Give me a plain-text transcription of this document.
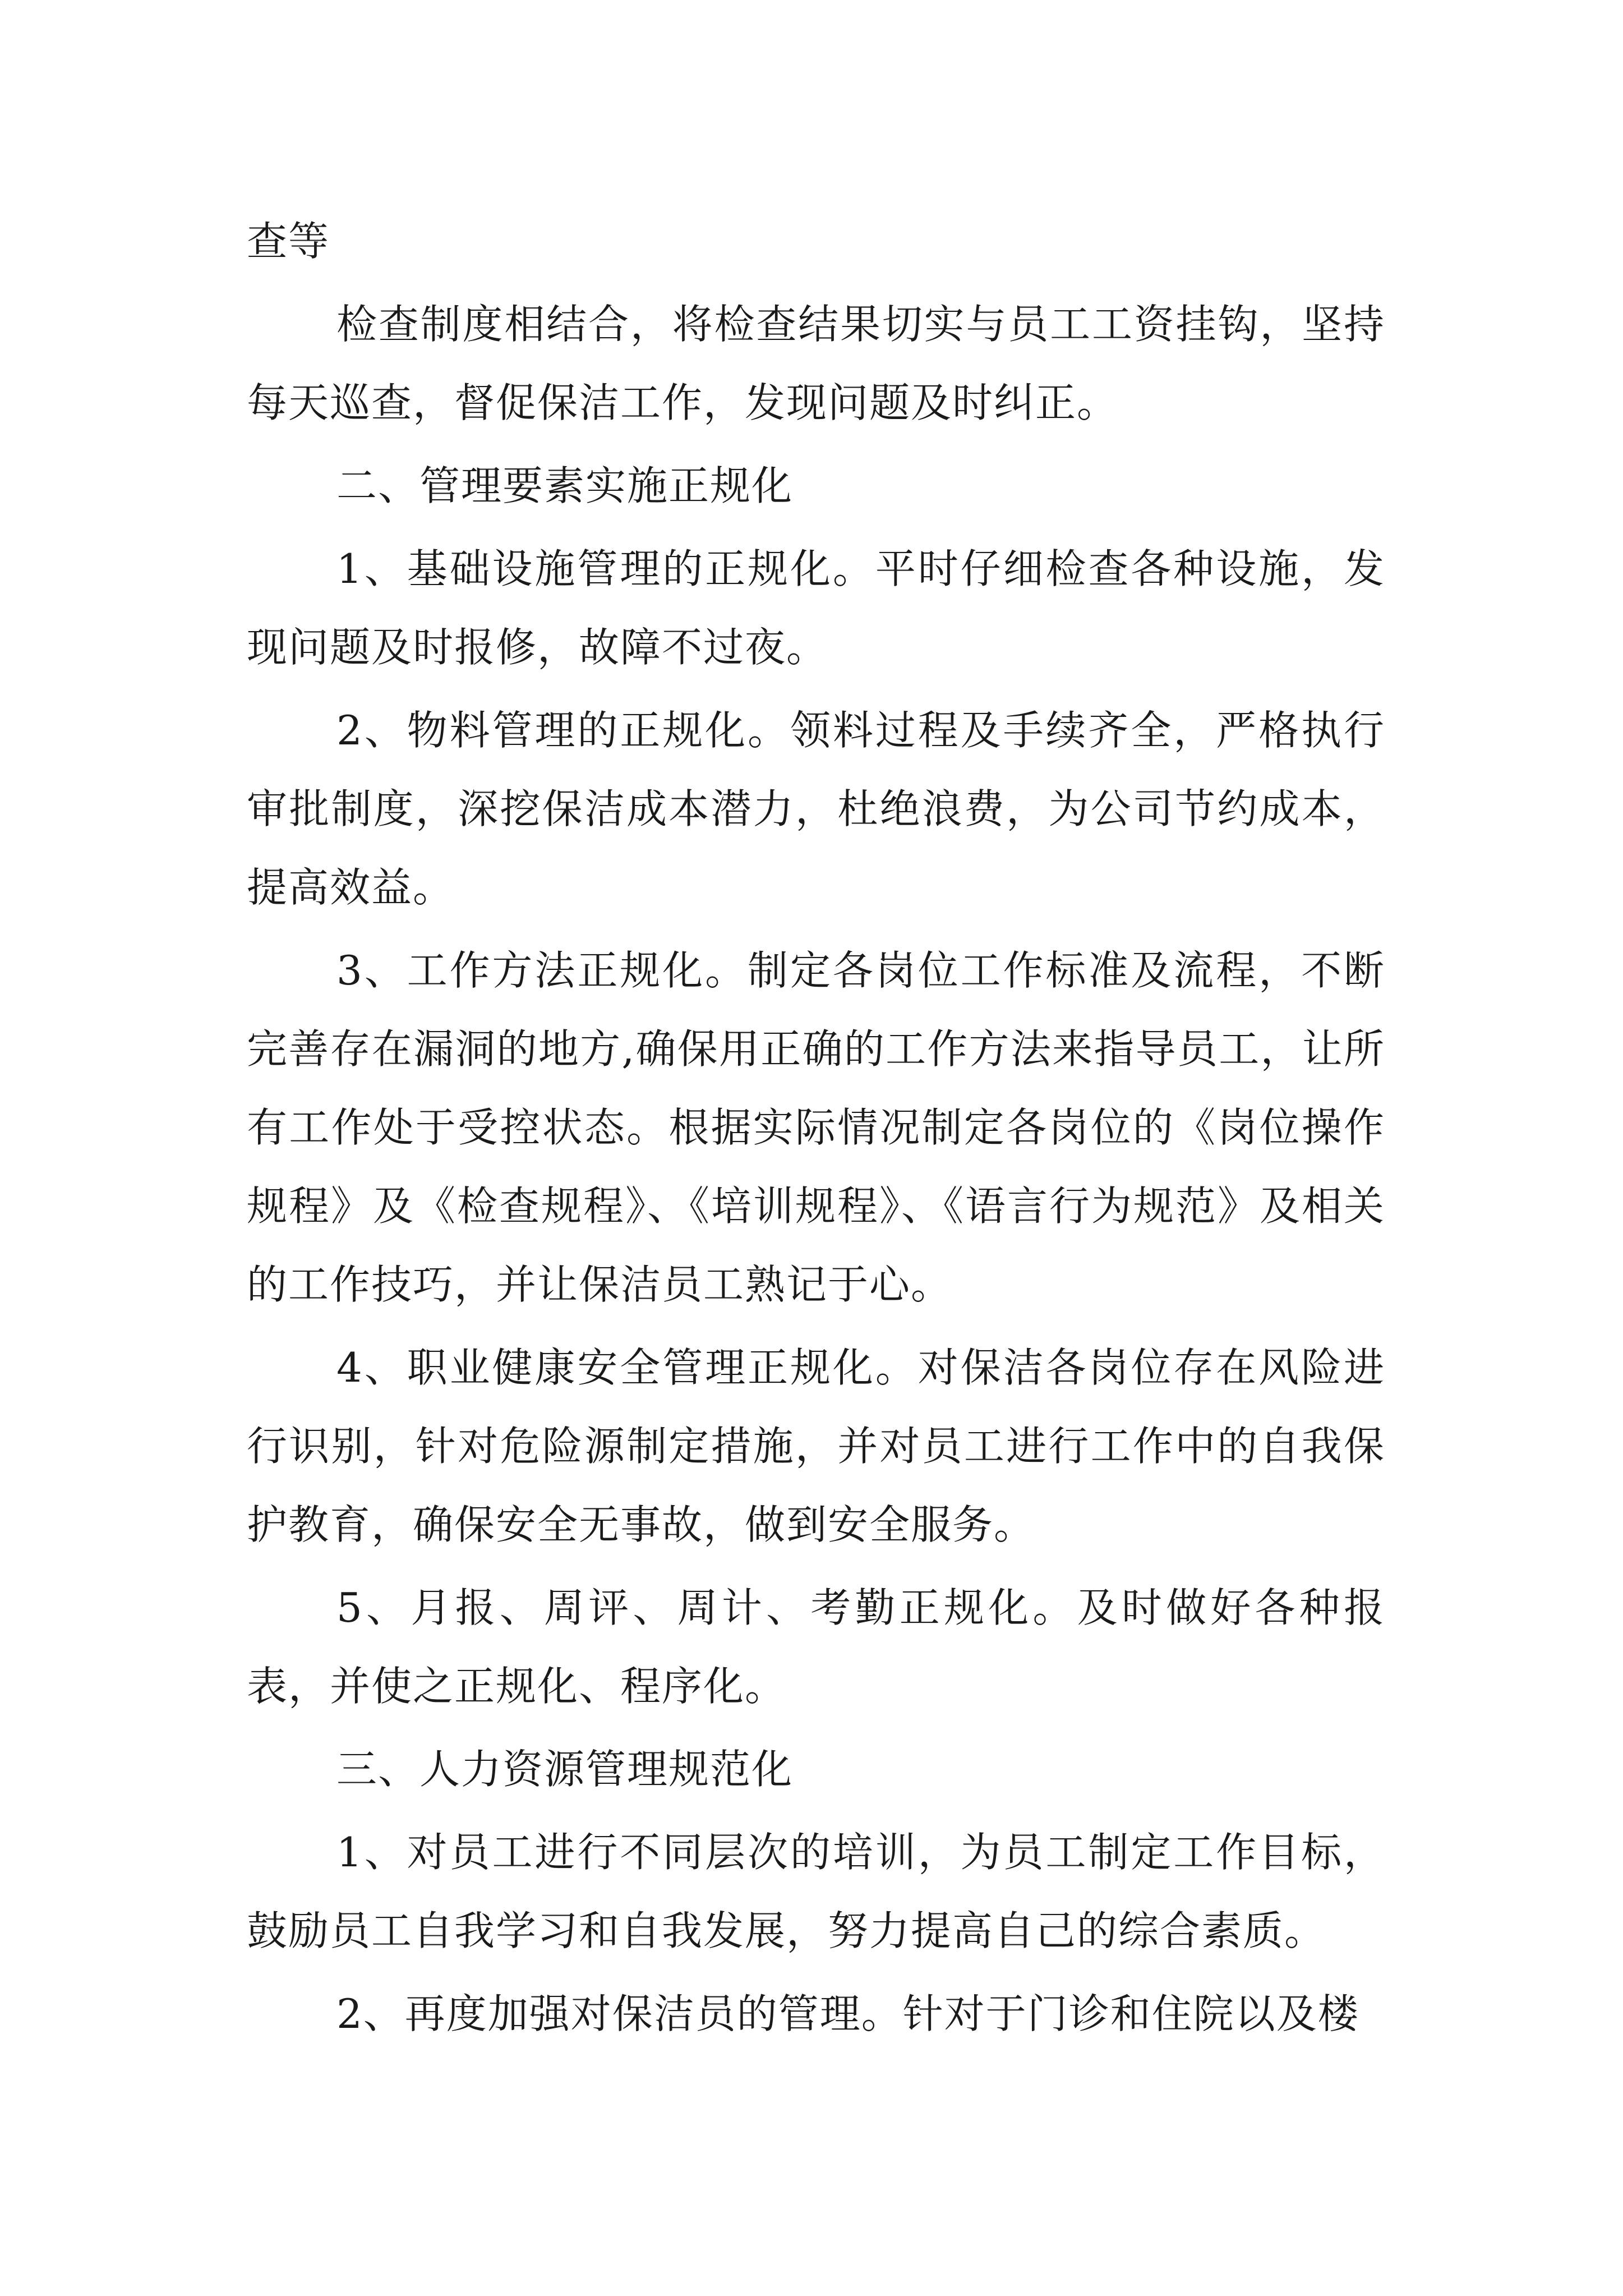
查等

检查制度相结合，将检查结果切实与员工工资挂钩，坚持每天巡查，督促保洁工作，发现问题及时纠正。

二、管理要素实施正规化

1、基础设施管理的正规化。平时仔细检查各种设施，发现问题及时报修，故障不过夜。

2、物料管理的正规化。领料过程及手续齐全，严格执行审批制度，深挖保洁成本潜力，杜绝浪费，为公司节约成本，提高效益。

3、工作方法正规化。制定各岗位工作标准及流程，不断完善存在漏洞的地方,确保用正确的工作方法来指导员工，让所有工作处于受控状态。根据实际情况制定各岗位的《岗位操作规程》及《检查规程》、《培训规程》、《语言行为规范》及相关的工作技巧，并让保洁员工熟记于心。

4、职业健康安全管理正规化。对保洁各岗位存在风险进行识别，针对危险源制定措施，并对员工进行工作中的自我保护教育，确保安全无事故，做到安全服务。

5、月报、周评、周计、考勤正规化。及时做好各种报表，并使之正规化、程序化。

三、人力资源管理规范化

1、对员工进行不同层次的培训，为员工制定工作目标，鼓励员工自我学习和自我发展，努力提高自己的综合素质。

2、再度加强对保洁员的管理。针对于门诊和住院以及楼
